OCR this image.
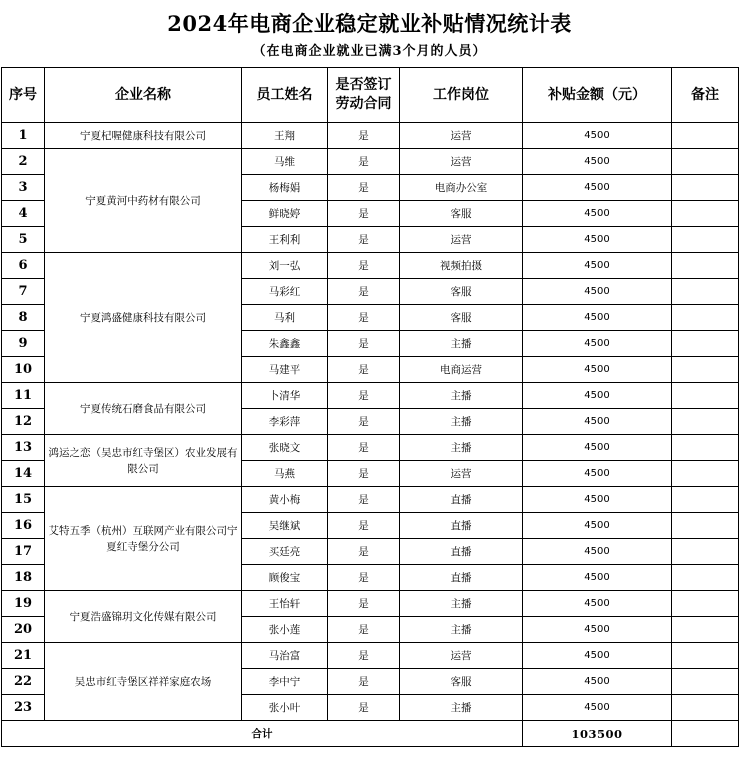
2024年电商企业稳定就业补贴情况统计表
（在电商企业就业已满3个月的人员）
序号	企业名称	员工姓名	是否签订劳动合同	工作岗位	补贴金额（元）	备注
1	宁夏杞喔健康科技有限公司	王翔	是	运营	4500	
2	宁夏黄河中药材有限公司	马维	是	运营	4500	
3		杨梅娟	是	电商办公室	4500	
4		鲜晓婷	是	客服	4500	
5		王利利	是	运营	4500	
6	宁夏鸿盛健康科技有限公司	刘一弘	是	视频拍摄	4500	
7		马彩红	是	客服	4500	
8		马利	是	客服	4500	
9		朱鑫鑫	是	主播	4500	
10		马建平	是	电商运营	4500	
11	宁夏传统石磨食品有限公司	卜清华	是	主播	4500	
12		李彩萍	是	主播	4500	
13	鸿运之恋（吴忠市红寺堡区）农业发展有限公司	张晓文	是	主播	4500	
14		马燕	是	运营	4500	
15	艾特五季（杭州）互联网产业有限公司宁夏红寺堡分公司	黄小梅	是	直播	4500	
16		吴继斌	是	直播	4500	
17		买廷亮	是	直播	4500	
18		顾俊宝	是	直播	4500	
19	宁夏浩盛锦玥文化传媒有限公司	王怡轩	是	主播	4500	
20		张小莲	是	主播	4500	
21	吴忠市红寺堡区祥祥家庭农场	马治富	是	运营	4500	
22		李中宁	是	客服	4500	
23		张小叶	是	主播	4500	
合计					103500	
